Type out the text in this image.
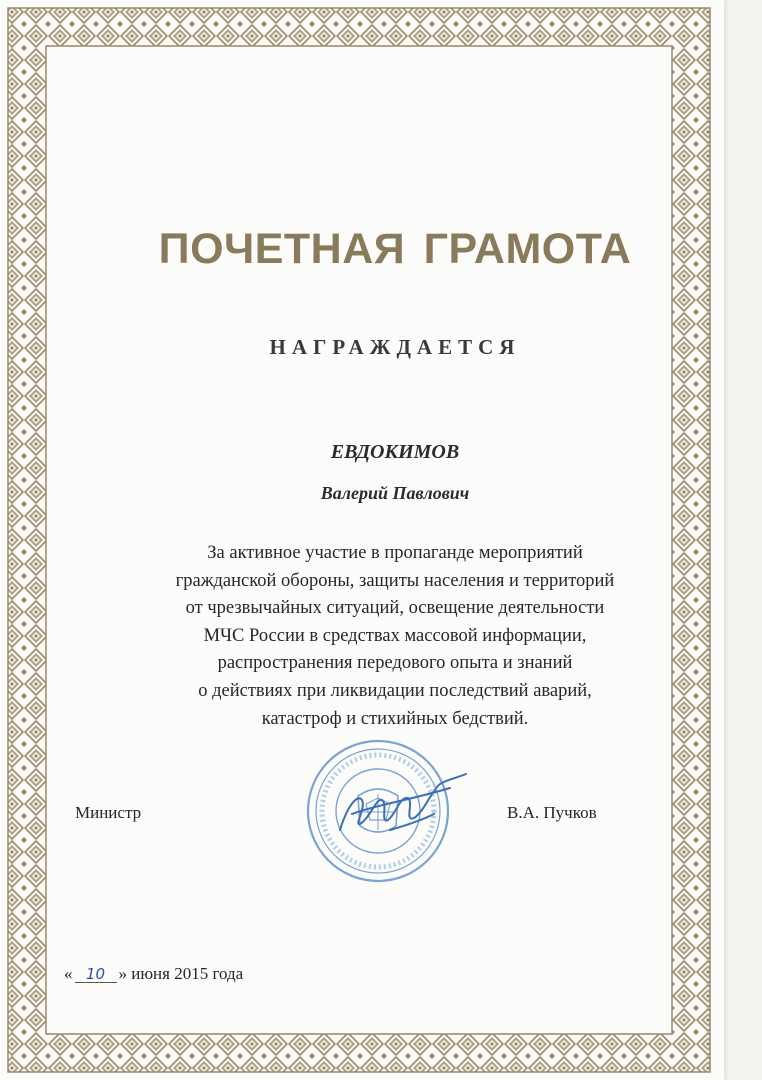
ПОЧЕТНАЯ ГРАМОТА
НАГРАЖДАЕТСЯ
ЕВДОКИМОВ
Валерий Павлович
За активное участие в пропаганде мероприятий
гражданской обороны, защиты населения и территорий
от чрезвычайных ситуаций, освещение деятельности
МЧС России в средствах массовой информации,
распространения передового опыта и знаний
о действиях при ликвидации последствий аварий,
катастроф и стихийных бедствий.
Министр	В.А. Пучков
« 10 » июня 2015 года
